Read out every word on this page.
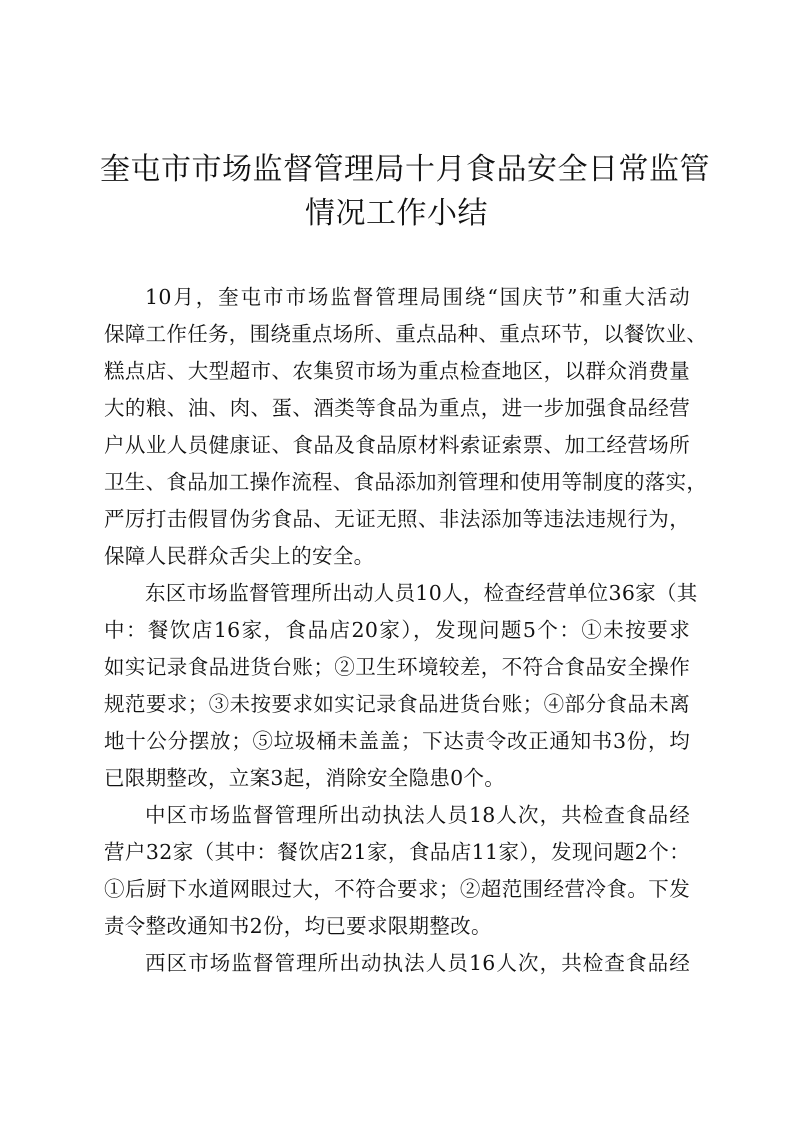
奎屯市市场监督管理局十月食品安全日常监管
情况工作小结
10月，奎屯市市场监督管理局围绕“国庆节”和重大活动
保障工作任务，围绕重点场所、重点品种、重点环节，以餐饮业、
糕点店、大型超市、农集贸市场为重点检查地区，以群众消费量
大的粮、油、肉、蛋、酒类等食品为重点，进一步加强食品经营
户从业人员健康证、食品及食品原材料索证索票、加工经营场所
卫生、食品加工操作流程、食品添加剂管理和使用等制度的落实，
严厉打击假冒伪劣食品、无证无照、非法添加等违法违规行为，
保障人民群众舌尖上的安全。
东区市场监督管理所出动人员10人，检查经营单位36家（其
中：餐饮店16家，食品店20家），发现问题5个：①未按要求
如实记录食品进货台账；②卫生环境较差，不符合食品安全操作
规范要求；③未按要求如实记录食品进货台账；④部分食品未离
地十公分摆放；⑤垃圾桶未盖盖；下达责令改正通知书3份，均
已限期整改，立案3起，消除安全隐患0个。
中区市场监督管理所出动执法人员18人次，共检查食品经
营户32家（其中：餐饮店21家，食品店11家），发现问题2个：
①后厨下水道网眼过大，不符合要求；②超范围经营冷食。下发
责令整改通知书2份，均已要求限期整改。
西区市场监督管理所出动执法人员16人次，共检查食品经
